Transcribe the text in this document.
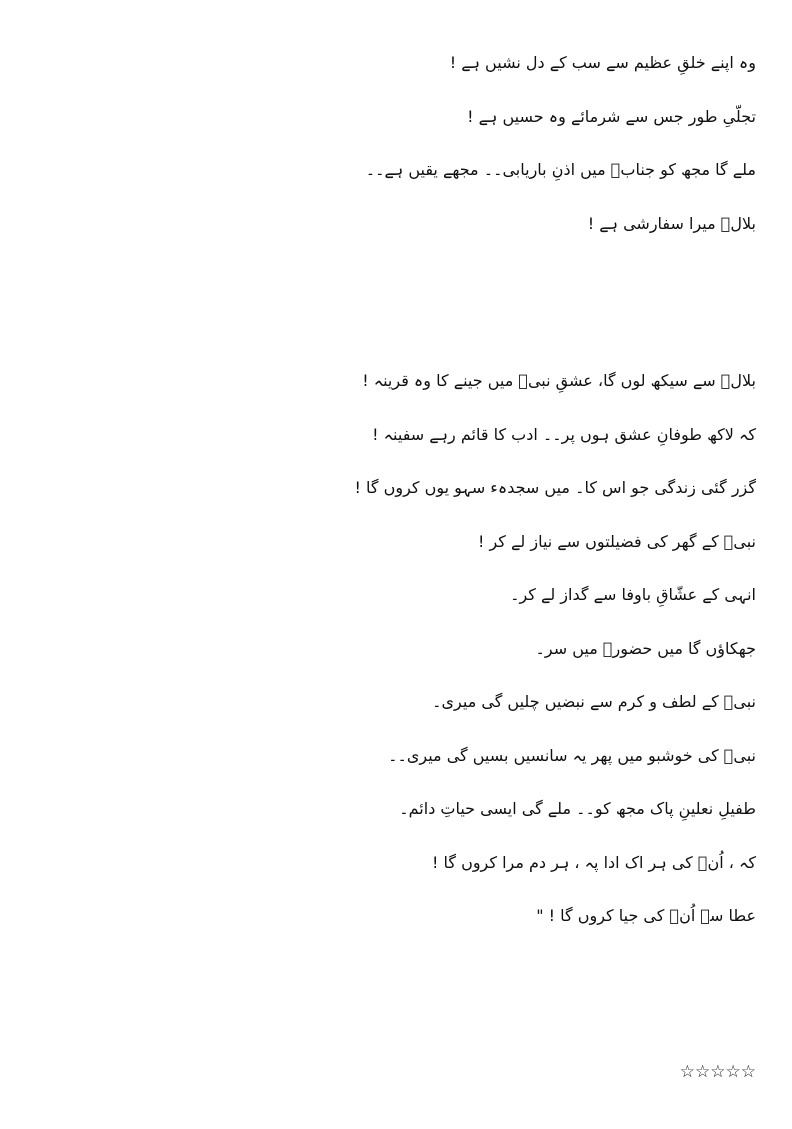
وہ اپنے خلقِ عظیم سے سب کے دل نشیں ہے !
تجلّیِ طور جس سے شرمائے وہ حسیں ہے !
ملے گا مجھ کو جنابؐ میں اذنِ باریابی۔۔ مجھے یقیں ہے۔۔
بلالؓ میرا سفارشی ہے !
بلالؓ سے سیکھ لوں گا، عشقِ نبیؐ میں جینے کا وہ قرینہ !
کہ لاکھ طوفانِ عشق ہوں پر۔۔ ادب کا قائم رہے سفینہ !
گزر گئی زندگی جو اس کا۔ میں سجدہء سہو یوں کروں گا !
نبیؐ کے گھر کی فضیلتوں سے نیاز لے کر !
انہی کے عشّاقِ باوفا سے گداز لے کر۔
جھکاؤں گا میں حضورؐ میں سر۔
نبیؐ کے لطف و کرم سے نبضیں چلیں گی میری۔
نبیؐ کی خوشبو میں پھر یہ سانسیں بسیں گی میری۔۔
طفیلِ نعلینِ پاک مجھ کو۔۔ ملے گی ایسی حیاتِ دائم۔
کہ ، اُنؐ کی ہر اک ادا پہ ، ہر دم مرا کروں گا !
عطا سے اُنؐ کی جیا کروں گا ! "
☆☆☆☆☆
